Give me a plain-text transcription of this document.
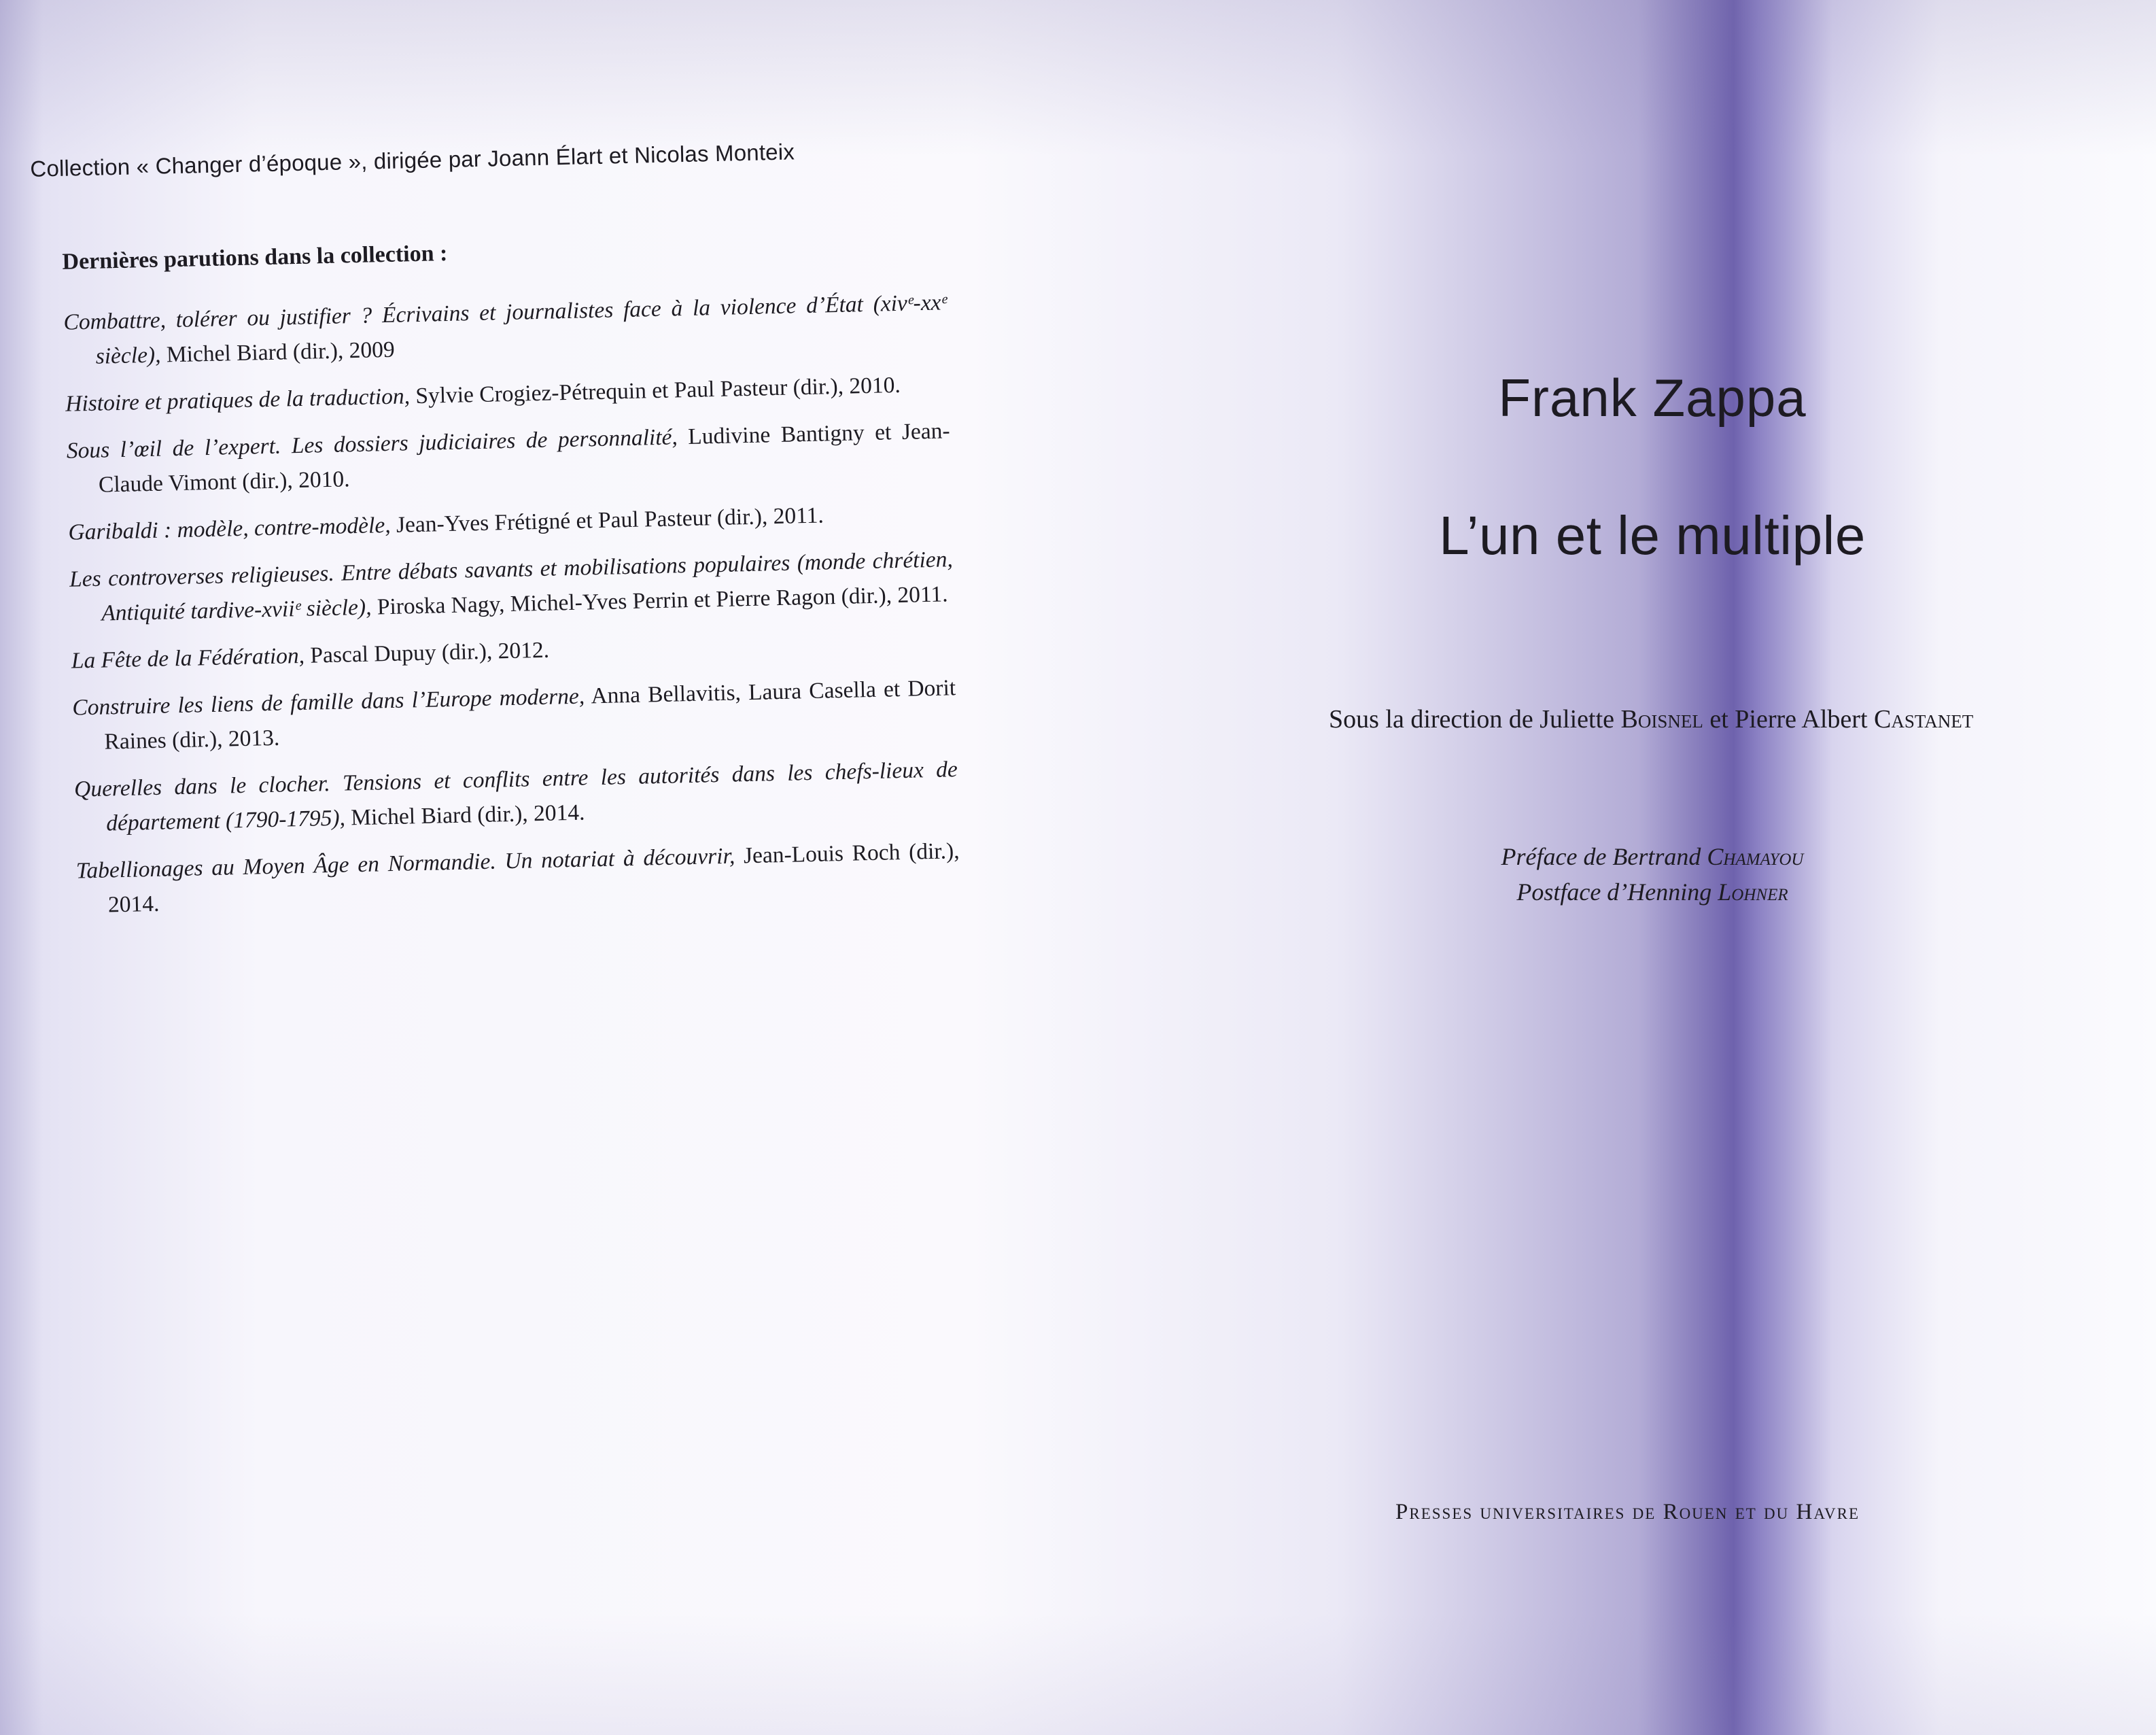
Collection « Changer d’époque », dirigée par Joann Élart et Nicolas Monteix

Dernières parutions dans la collection :
Combattre, tolérer ou justifier ? Écrivains et journalistes face à la violence d’État (xivᵉ-xxᵉ siècle), Michel Biard (dir.), 2009
Histoire et pratiques de la traduction, Sylvie Crogiez-Pétrequin et Paul Pasteur (dir.), 2010.
Sous l’œil de l’expert. Les dossiers judiciaires de personnalité, Ludivine Bantigny et Jean-Claude Vimont (dir.), 2010.
Garibaldi : modèle, contre-modèle, Jean-Yves Frétigné et Paul Pasteur (dir.), 2011.
Les controverses religieuses. Entre débats savants et mobilisations populaires (monde chrétien, Antiquité tardive-xviiᵉ siècle), Piroska Nagy, Michel-Yves Perrin et Pierre Ragon (dir.), 2011.
La Fête de la Fédération, Pascal Dupuy (dir.), 2012.
Construire les liens de famille dans l’Europe moderne, Anna Bellavitis, Laura Casella et Dorit Raines (dir.), 2013.
Querelles dans le clocher. Tensions et conflits entre les autorités dans les chefs-lieux de département (1790-1795), Michel Biard (dir.), 2014.
Tabellionages au Moyen Âge en Normandie. Un notariat à découvrir, Jean-Louis Roch (dir.), 2014.
Frank Zappa
L’un et le multiple

Sous la direction de Juliette Boisnel et Pierre Albert Castanet

Préface de Bertrand Chamayou
Postface d’Henning Lohner

Presses universitaires de Rouen et du Havre
